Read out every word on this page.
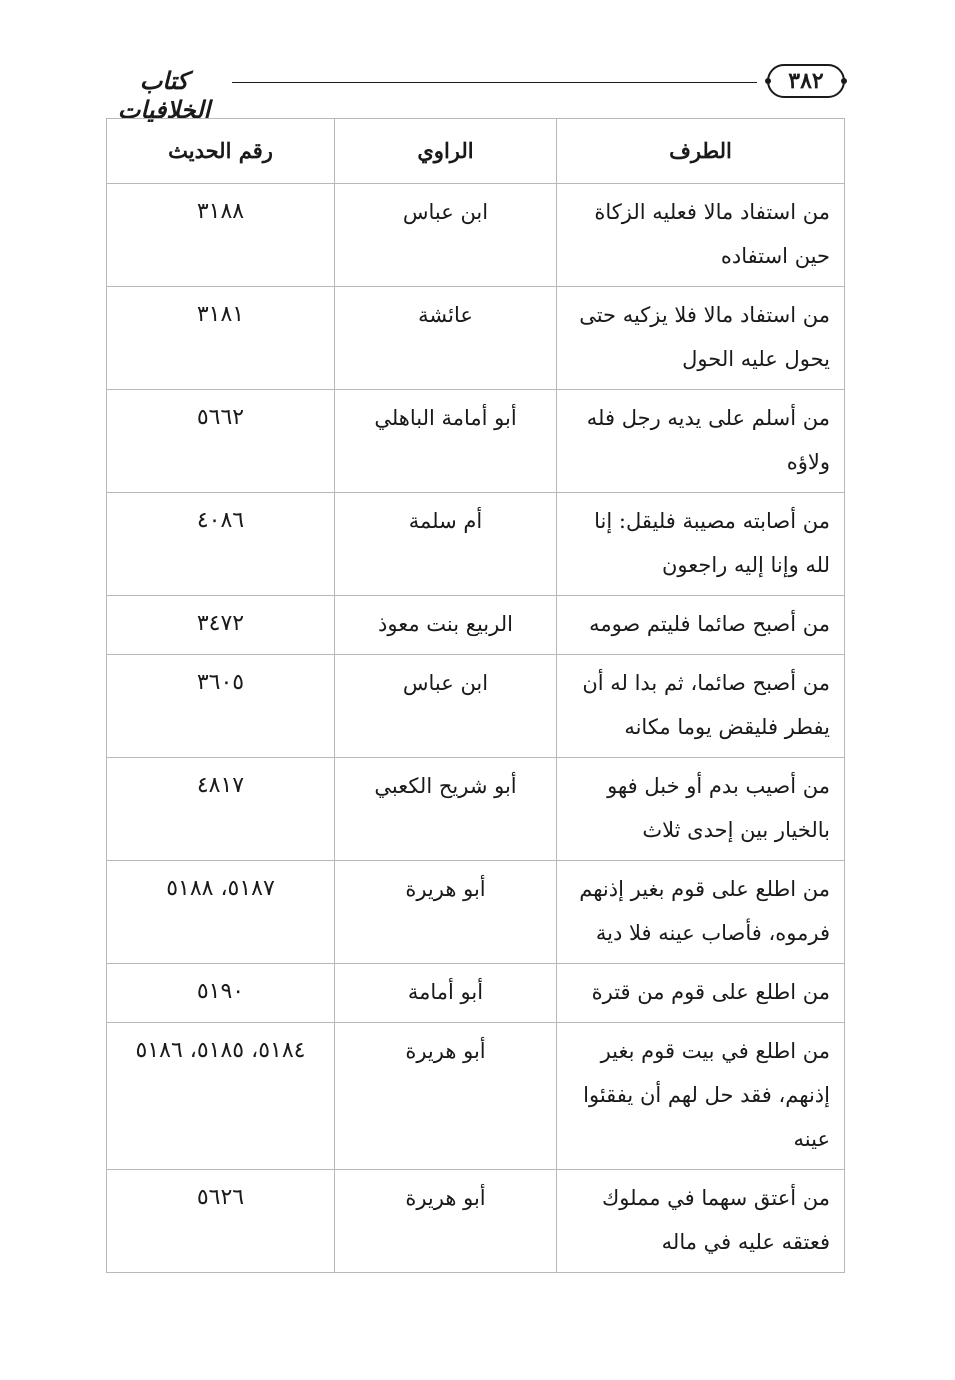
٣٨٢
كتاب الخلافيات
الطرف	الراوي	رقم الحديث
من استفاد مالا فعليه الزكاة حين استفاده	ابن عباس	٣١٨٨
من استفاد مالا فلا يزكيه حتى يحول عليه الحول	عائشة	٣١٨١
من أسلم على يديه رجل فله ولاؤه	أبو أمامة الباهلي	٥٦٦٢
من أصابته مصيبة فليقل: إنا لله وإنا إليه راجعون	أم سلمة	٤٠٨٦
من أصبح صائما فليتم صومه	الربيع بنت معوذ	٣٤٧٢
من أصبح صائما، ثم بدا له أن يفطر فليقض يوما مكانه	ابن عباس	٣٦٠٥
من أصيب بدم أو خبل فهو بالخيار بين إحدى ثلاث	أبو شريح الكعبي	٤٨١٧
من اطلع على قوم بغير إذنهم فرموه، فأصاب عينه فلا دية	أبو هريرة	٥١٨٧، ٥١٨٨
من اطلع على قوم من قترة	أبو أمامة	٥١٩٠
من اطلع في بيت قوم بغير إذنهم، فقد حل لهم أن يفقئوا عينه	أبو هريرة	٥١٨٤، ٥١٨٥، ٥١٨٦
من أعتق سهما في مملوك فعتقه عليه في ماله	أبو هريرة	٥٦٢٦
